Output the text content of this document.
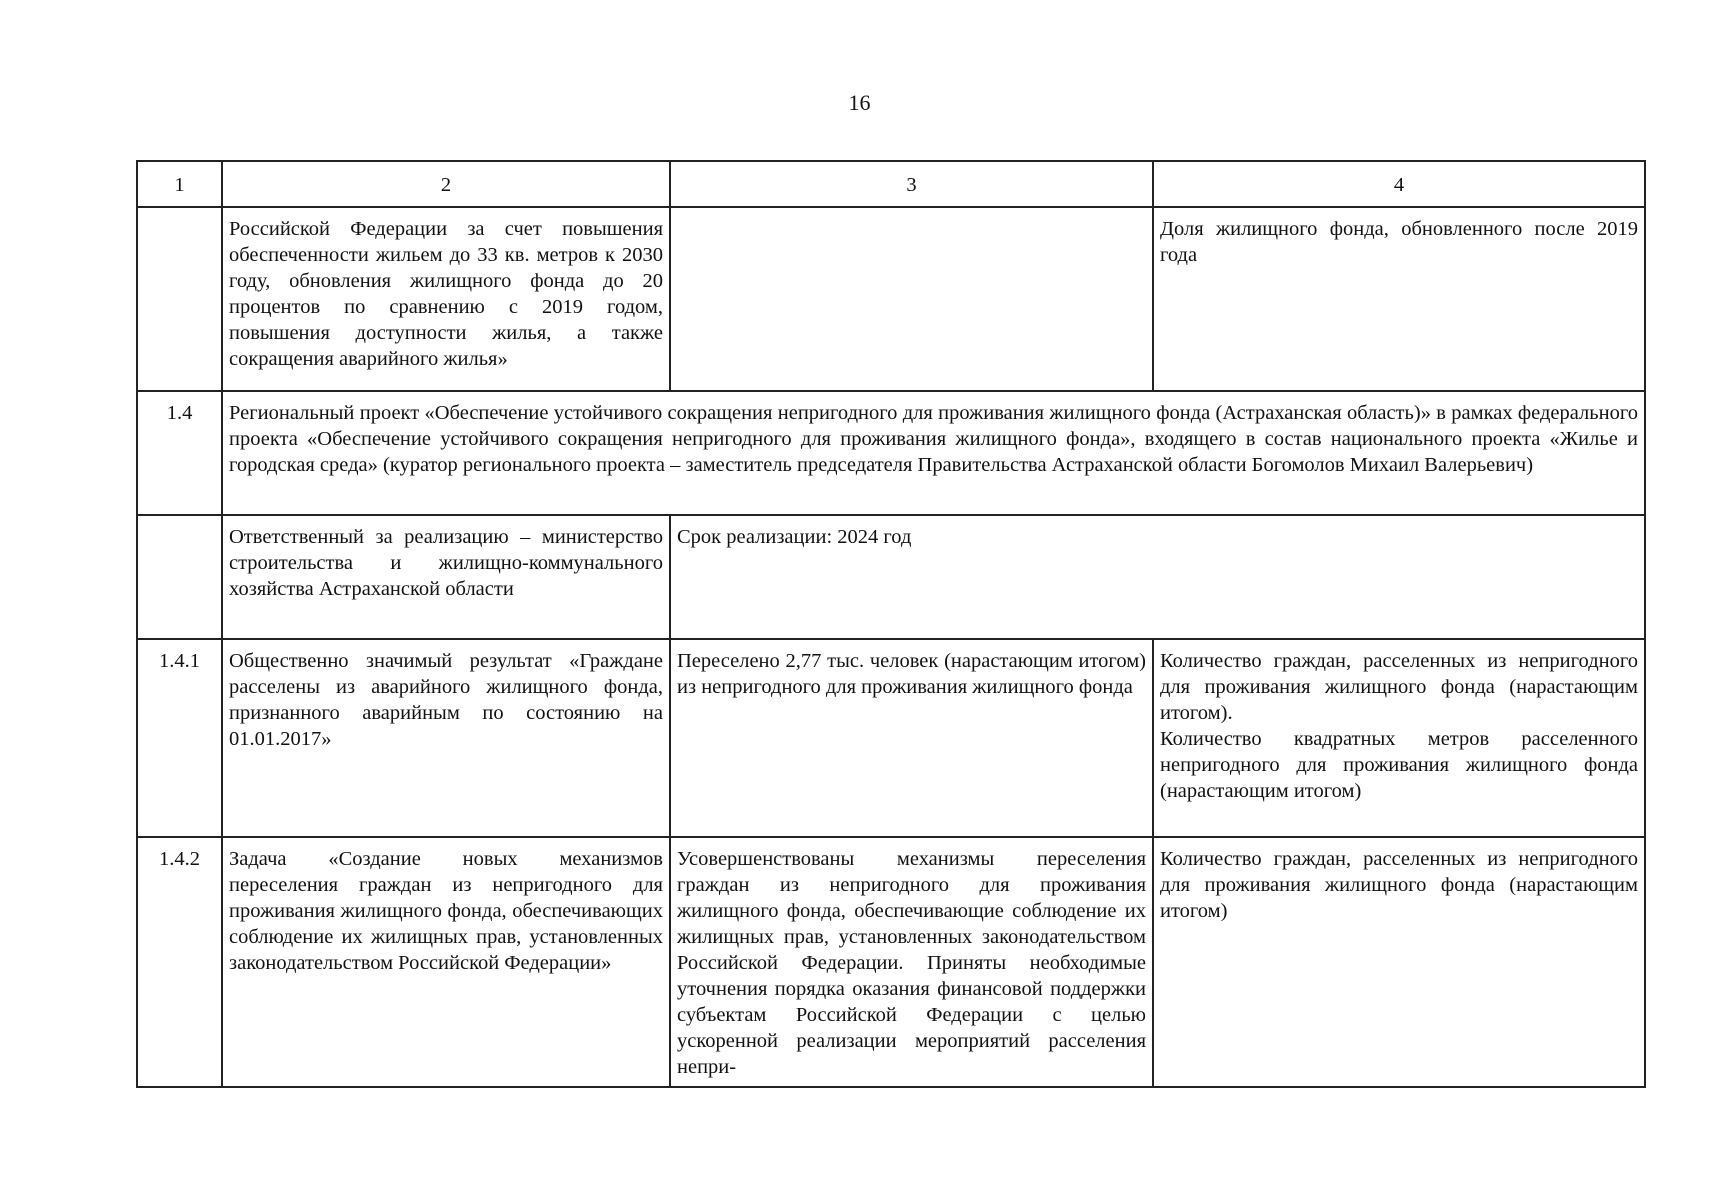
16
1	2	3	4
	Российской Федерации за счет повышения обеспеченности жильем до 33 кв. метров к 2030 году, обновления жилищного фонда до 20 процентов по сравнению с 2019 годом, повышения доступности жилья, а также сокращения аварийного жилья»		Доля жилищного фонда, обновленного после 2019 года
1.4	Региональный проект «Обеспечение устойчивого сокращения непригодного для проживания жилищного фонда (Астраханская область)» в рамках федерального проекта «Обеспечение устойчивого сокращения непригодного для проживания жилищного фонда», входящего в состав национального проекта «Жилье и городская среда» (куратор регионального проекта – заместитель председателя Правительства Астраханской области Богомолов Михаил Валерьевич)		
	Ответственный за реализацию – министерство строительства и жилищно-коммунального хозяйства Астраханской области	Срок реализации: 2024 год	
1.4.1	Общественно значимый результат «Граждане расселены из аварийного жилищного фонда, признанного аварийным по состоянию на 01.01.2017»	Переселено 2,77 тыс. человек (нарастающим итогом) из непригодного для проживания жилищного фонда	Количество граждан, расселенных из непригодного для проживания жилищного фонда (нарастающим итогом).
Количество квадратных метров расселенного непригодного для проживания жилищного фонда (нарастающим итогом)

1.4.2	Задача «Создание новых механизмов переселения граждан из непригодного для проживания жилищного фонда, обеспечивающих соблюдение их жилищных прав, установленных законодательством Российской Федерации»	Усовершенствованы механизмы переселения граждан из непригодного для проживания жилищного фонда, обеспечивающие соблюдение их жилищных прав, установленных законодательством Российской Федерации. Приняты необходимые уточнения порядка оказания финансовой поддержки субъектам Российской Федерации с целью ускоренной реализации мероприятий расселения непри-	Количество граждан, расселенных из непригодного для проживания жилищного фонда (нарастающим итогом)
